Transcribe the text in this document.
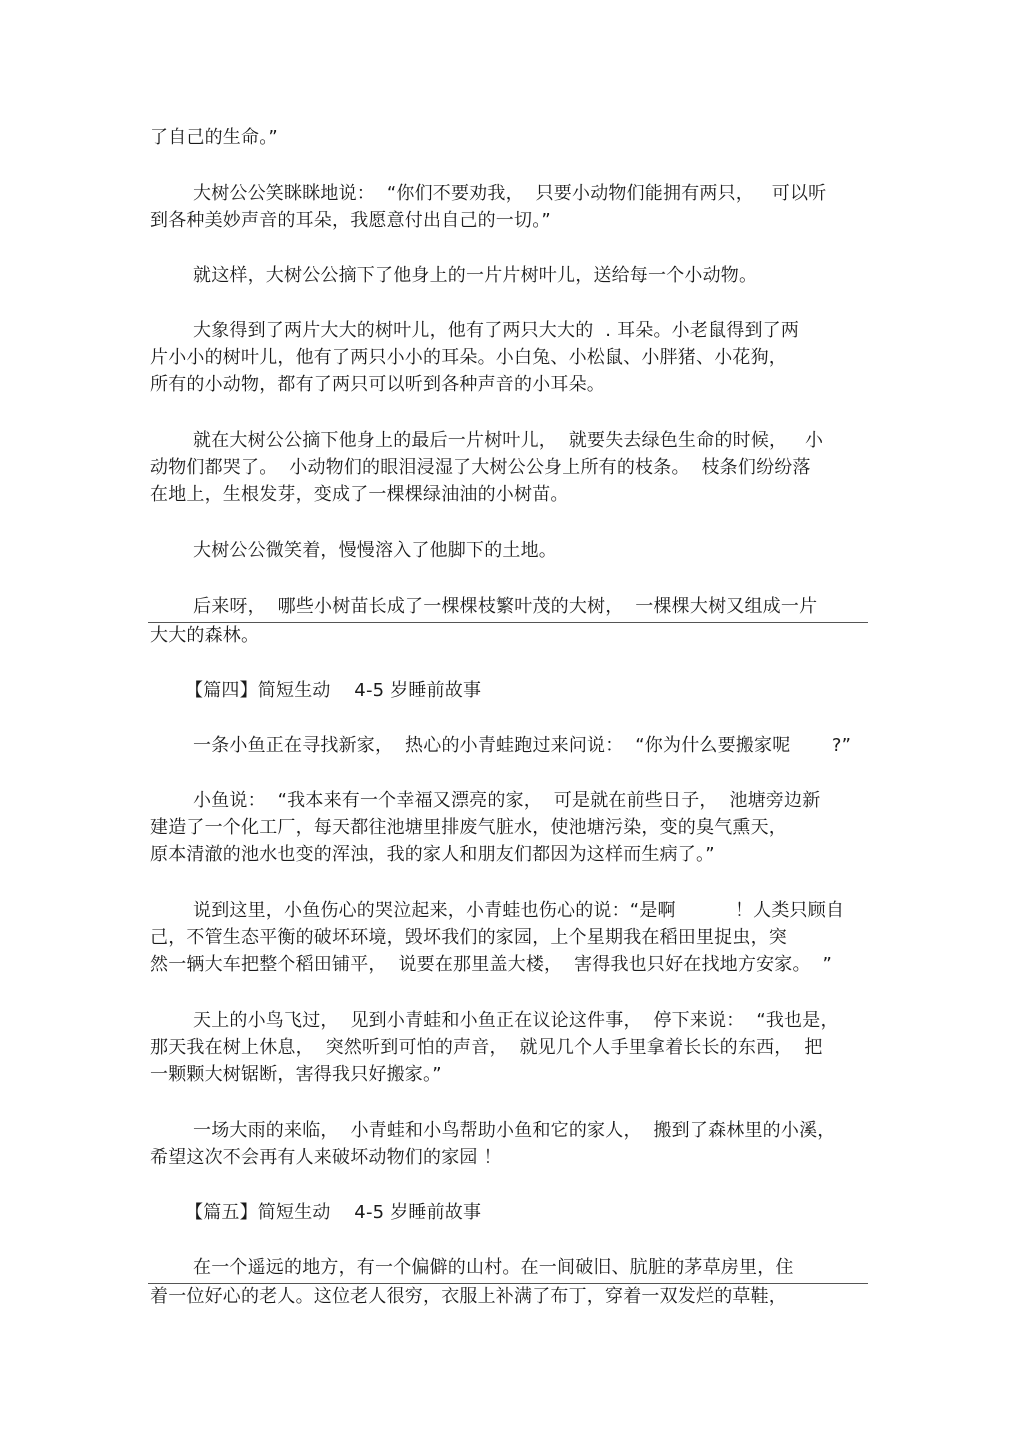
了自己的生命。”
大树公公笑眯眯地说：  “你们不要劝我，  只要小动物们能拥有两只，   可以听
到各种美妙声音的耳朵，我愿意付出自己的一切。”
就这样，大树公公摘下了他身上的一片片树叶儿，送给每一个小动物。
大象得到了两片大大的树叶儿，他有了两只大大的  . 耳朵。小老鼠得到了两
片小小的树叶儿，他有了两只小小的耳朵。小白兔、小松鼠、小胖猪、小花狗，
所有的小动物，都有了两只可以听到各种声音的小耳朵。
就在大树公公摘下他身上的最后一片树叶儿，  就要失去绿色生命的时候，   小
动物们都哭了。  小动物们的眼泪浸湿了大树公公身上所有的枝条。  枝条们纷纷落
在地上，生根发芽，变成了一棵棵绿油油的小树苗。
大树公公微笑着，慢慢溶入了他脚下的土地。
后来呀，  哪些小树苗长成了一棵棵枝繁叶茂的大树，  一棵棵大树又组成一片
大大的森林。
【篇四】简短生动    4-5 岁睡前故事
一条小鱼正在寻找新家，  热心的小青蛙跑过来问说：  “你为什么要搬家呢       ?”
小鱼说：  “我本来有一个幸福又漂亮的家，  可是就在前些日子，  池塘旁边新
建造了一个化工厂，每天都往池塘里排废气脏水，使池塘污染，变的臭气熏天，
原本清澈的池水也变的浑浊，我的家人和朋友们都因为这样而生病了。”
说到这里，小鱼伤心的哭泣起来，小青蛙也伤心的说：“是啊          ！人类只顾自
己，不管生态平衡的破坏环境，毁坏我们的家园，上个星期我在稻田里捉虫，突
然一辆大车把整个稻田铺平，  说要在那里盖大楼，  害得我也只好在找地方安家。  ”
天上的小鸟飞过，  见到小青蛙和小鱼正在议论这件事，  停下来说：  “我也是，
那天我在树上休息，  突然听到可怕的声音，  就见几个人手里拿着长长的东西，  把
一颗颗大树锯断，害得我只好搬家。”
一场大雨的来临，  小青蛙和小鸟帮助小鱼和它的家人，  搬到了森林里的小溪，
希望这次不会再有人来破坏动物们的家园 ！
【篇五】简短生动    4-5 岁睡前故事
在一个遥远的地方，有一个偏僻的山村。在一间破旧、肮脏的茅草房里，住
着一位好心的老人。这位老人很穷，衣服上补满了布丁，穿着一双发烂的草鞋，
